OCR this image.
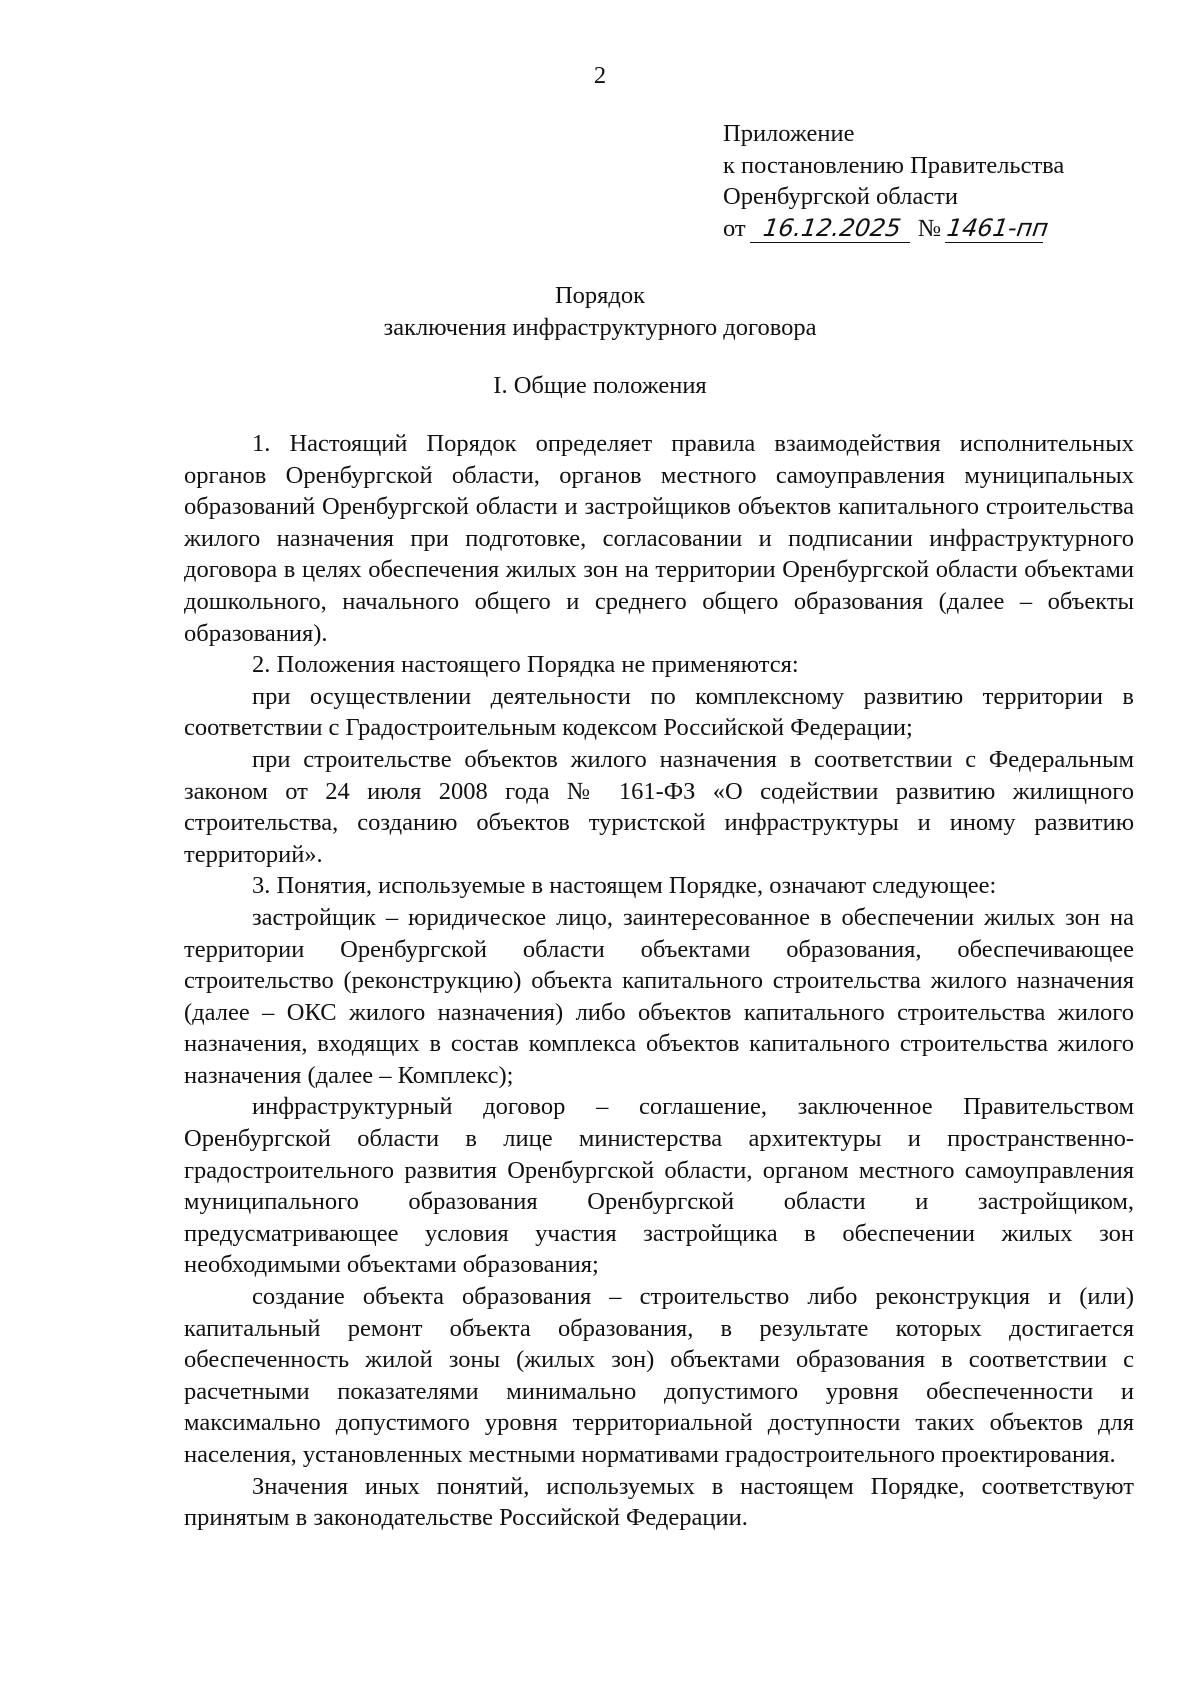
2
Приложение
к постановлению Правительства
Оренбургской области
от 16.12.2025 № 1461-пп
Порядок
заключения инфраструктурного договора
I. Общие положения

1. Настоящий Порядок определяет правила взаимодействия исполнительных органов Оренбургской области, органов местного самоуправления муниципальных образований Оренбургской области и застройщиков объектов капитального строительства жилого назначения при подготовке, согласовании и подписании инфраструктурного договора в целях обеспечения жилых зон на территории Оренбургской области объектами дошкольного, начального общего и среднего общего образования (далее – объекты образования).

2. Положения настоящего Порядка не применяются:

при осуществлении деятельности по комплексному развитию территории в соответствии с Градостроительным кодексом Российской Федерации;

при строительстве объектов жилого назначения в соответствии с Федеральным законом от 24 июля 2008 года № 161-ФЗ «О содействии развитию жилищного строительства, созданию объектов туристской инфраструктуры и иному развитию территорий».

3. Понятия, используемые в настоящем Порядке, означают следующее:

застройщик – юридическое лицо, заинтересованное в обеспечении жилых зон на территории Оренбургской области объектами образования, обеспечивающее строительство (реконструкцию) объекта капитального строительства жилого назначения (далее – ОКС жилого назначения) либо объектов капитального строительства жилого назначения, входящих в состав комплекса объектов капитального строительства жилого назначения (далее – Комплекс);

инфраструктурный договор – соглашение, заключенное Правительством Оренбургской области в лице министерства архитектуры и пространственно-градостроительного развития Оренбургской области, органом местного самоуправления муниципального образования Оренбургской области и застройщиком, предусматривающее условия участия застройщика в обеспечении жилых зон необходимыми объектами образования;

создание объекта образования – строительство либо реконструкция и (или) капитальный ремонт объекта образования, в результате которых достигается обеспеченность жилой зоны (жилых зон) объектами образования в соответствии с расчетными показателями минимально допустимого уровня обеспеченности и максимально допустимого уровня территориальной доступности таких объектов для населения, установленных местными нормативами градостроительного проектирования.

Значения иных понятий, используемых в настоящем Порядке, соответствуют принятым в законодательстве Российской Федерации.
